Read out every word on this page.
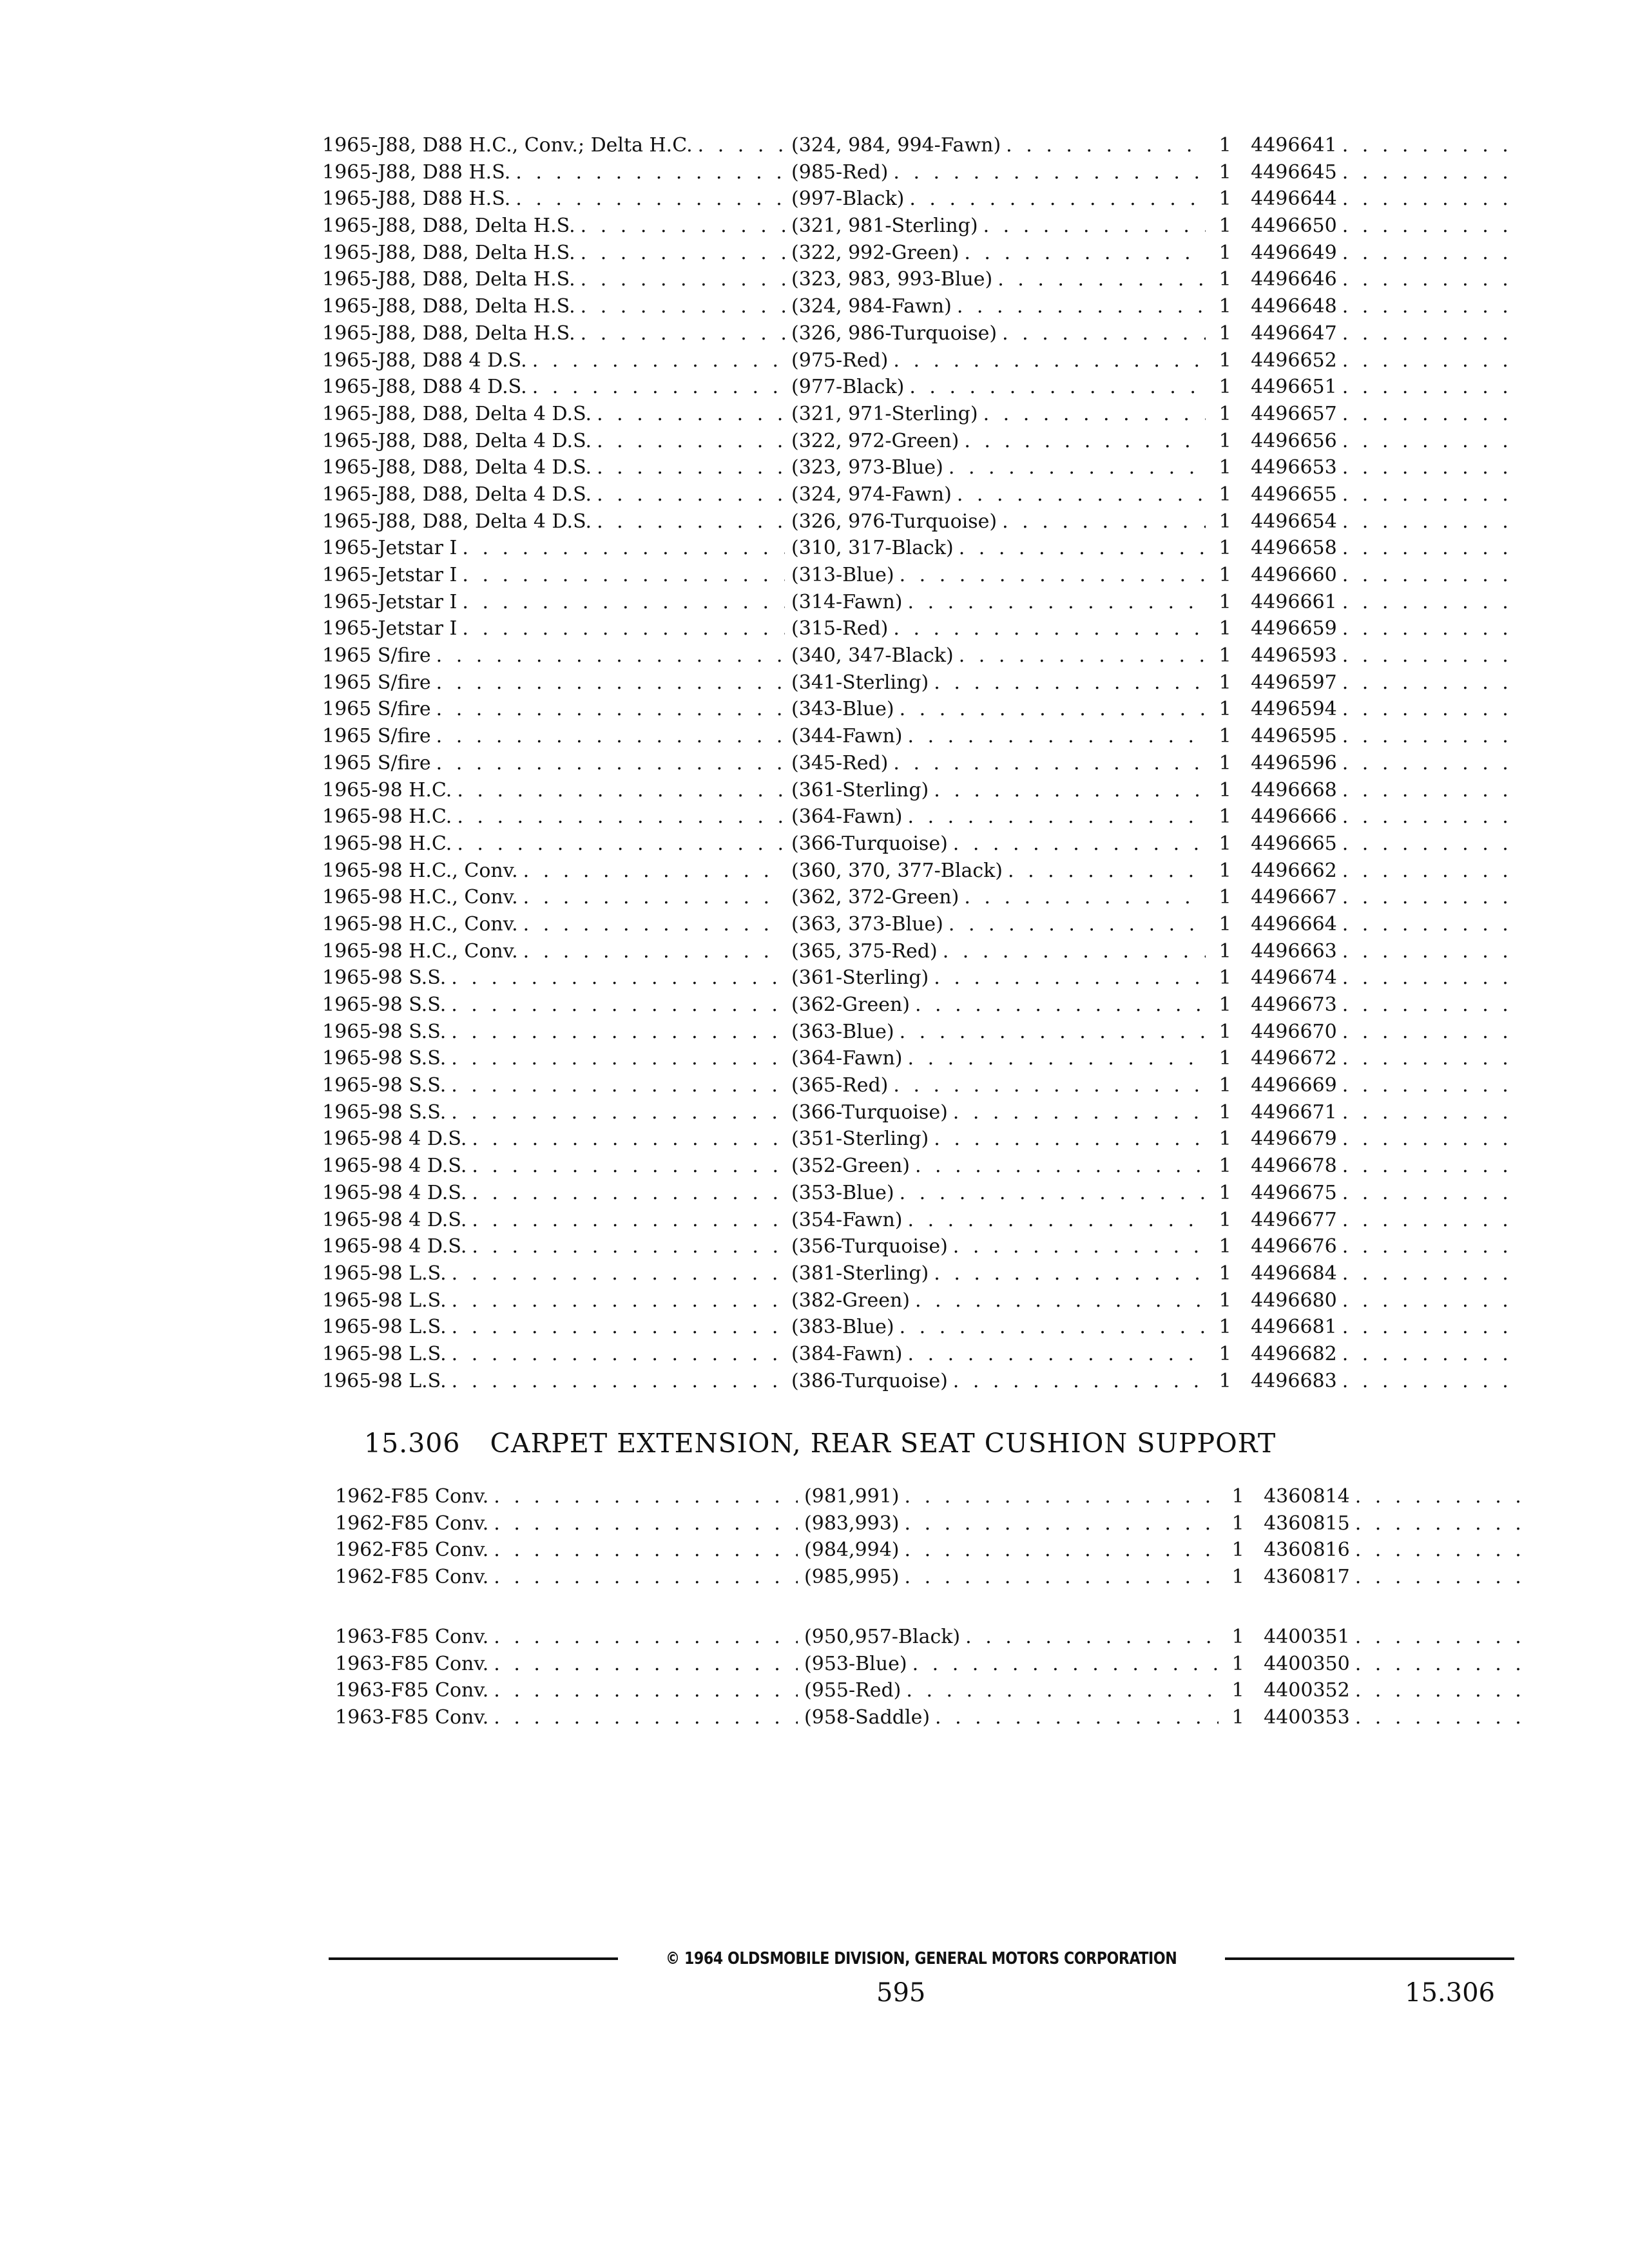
1965-J88, D88 H.C., Conv.; Delta H.C. . . .	(324, 984, 994-Fawn) . . .	1	4496641
. . .
1965-J88, D88 H.S. . . .	(985-Red) . . .	1	4496645
. . .
1965-J88, D88 H.S. . . .	(997-Black) . . .	1	4496644
. . .
1965-J88, D88, Delta H.S. . . .	(321, 981-Sterling) . . .	1	4496650
. . .
1965-J88, D88, Delta H.S. . . .	(322, 992-Green) . . .	1	4496649
. . .
1965-J88, D88, Delta H.S. . . .	(323, 983, 993-Blue) . . .	1	4496646
. . .
1965-J88, D88, Delta H.S. . . .	(324, 984-Fawn) . . .	1	4496648
. . .
1965-J88, D88, Delta H.S. . . .	(326, 986-Turquoise) . . .	1	4496647
. . .
1965-J88, D88 4 D.S. . . .	(975-Red) . . .	1	4496652
. . .
1965-J88, D88 4 D.S. . . .	(977-Black) . . .	1	4496651
. . .
1965-J88, D88, Delta 4 D.S. . . .	(321, 971-Sterling) . . .	1	4496657
. . .
1965-J88, D88, Delta 4 D.S. . . .	(322, 972-Green) . . .	1	4496656
. . .
1965-J88, D88, Delta 4 D.S. . . .	(323, 973-Blue) . . .	1	4496653
. . .
1965-J88, D88, Delta 4 D.S. . . .	(324, 974-Fawn) . . .	1	4496655
. . .
1965-J88, D88, Delta 4 D.S. . . .	(326, 976-Turquoise) . . .	1	4496654
. . .
1965-Jetstar I . . .	(310, 317-Black) . . .	1	4496658
. . .
1965-Jetstar I . . .	(313-Blue) . . .	1	4496660
. . .
1965-Jetstar I . . .	(314-Fawn) . . .	1	4496661
. . .
1965-Jetstar I . . .	(315-Red) . . .	1	4496659
. . .
1965 S/fire . . .	(340, 347-Black) . . .	1	4496593
. . .
1965 S/fire . . .	(341-Sterling) . . .	1	4496597
. . .
1965 S/fire . . .	(343-Blue) . . .	1	4496594
. . .
1965 S/fire . . .	(344-Fawn) . . .	1	4496595
. . .
1965 S/fire . . .	(345-Red) . . .	1	4496596
. . .
1965-98 H.C. . . .	(361-Sterling) . . .	1	4496668
. . .
1965-98 H.C. . . .	(364-Fawn) . . .	1	4496666
. . .
1965-98 H.C. . . .	(366-Turquoise) . . .	1	4496665
. . .
1965-98 H.C., Conv. . . .	(360, 370, 377-Black) . . .	1	4496662
. . .
1965-98 H.C., Conv. . . .	(362, 372-Green) . . .	1	4496667
. . .
1965-98 H.C., Conv. . . .	(363, 373-Blue) . . .	1	4496664
. . .
1965-98 H.C., Conv. . . .	(365, 375-Red) . . .	1	4496663
. . .
1965-98 S.S. . . .	(361-Sterling) . . .	1	4496674
. . .
1965-98 S.S. . . .	(362-Green) . . .	1	4496673
. . .
1965-98 S.S. . . .	(363-Blue) . . .	1	4496670
. . .
1965-98 S.S. . . .	(364-Fawn) . . .	1	4496672
. . .
1965-98 S.S. . . .	(365-Red) . . .	1	4496669
. . .
1965-98 S.S. . . .	(366-Turquoise) . . .	1	4496671
. . .
1965-98 4 D.S. . . .	(351-Sterling) . . .	1	4496679
. . .
1965-98 4 D.S. . . .	(352-Green) . . .	1	4496678
. . .
1965-98 4 D.S. . . .	(353-Blue) . . .	1	4496675
. . .
1965-98 4 D.S. . . .	(354-Fawn) . . .	1	4496677
. . .
1965-98 4 D.S. . . .	(356-Turquoise) . . .	1	4496676
. . .
1965-98 L.S. . . .	(381-Sterling) . . .	1	4496684
. . .
1965-98 L.S. . . .	(382-Green) . . .	1	4496680
. . .
1965-98 L.S. . . .	(383-Blue) . . .	1	4496681
. . .
1965-98 L.S. . . .	(384-Fawn) . . .	1	4496682
. . .
1965-98 L.S. . . .	(386-Turquoise) . . .	1	4496683
. . .
15.306 CARPET EXTENSION, REAR SEAT CUSHION SUPPORT
1962-F85 Conv. . . .	(981,991) . . .	1	4360814
. . .
1962-F85 Conv. . . .	(983,993) . . .	1	4360815
. . .
1962-F85 Conv. . . .	(984,994) . . .	1	4360816
. . .
1962-F85 Conv. . . .	(985,995) . . .	1	4360817
. . .
1963-F85 Conv. . . .	(950,957-Black) . . .	1	4400351
. . .
1963-F85 Conv. . . .	(953-Blue) . . .	1	4400350
. . .
1963-F85 Conv. . . .	(955-Red) . . .	1	4400352
. . .
1963-F85 Conv. . . .	(958-Saddle) . . .	1	4400353
. . .
© 1964 OLDSMOBILE DIVISION, GENERAL MOTORS CORPORATION
595	15.306
